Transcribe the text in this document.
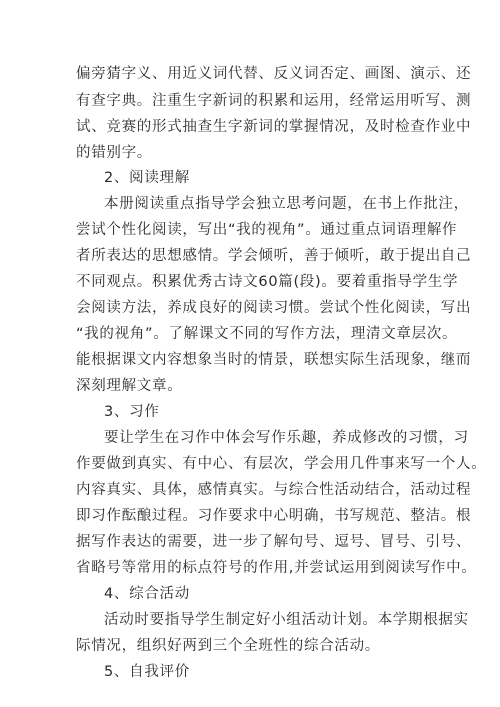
偏旁猜字义、用近义词代替、反义词否定、画图、演示、还
有查字典。注重生字新词的积累和运用，经常运用听写、测
试、竞赛的形式抽查生字新词的掌握情况，及时检查作业中
的错别字。
2、阅读理解
本册阅读重点指导学会独立思考问题，在书上作批注，
尝试个性化阅读，写出“我的视角”。通过重点词语理解作
者所表达的思想感情。学会倾听，善于倾听，敢于提出自己
不同观点。积累优秀古诗文60篇(段)。要着重指导学生学
会阅读方法，养成良好的阅读习惯。尝试个性化阅读，写出
“我的视角”。了解课文不同的写作方法，理清文章层次。
能根据课文内容想象当时的情景，联想实际生活现象，继而
深刻理解文章。
3、习作
要让学生在习作中体会写作乐趣，养成修改的习惯，习
作要做到真实、有中心、有层次，学会用几件事来写一个人。
内容真实、具体，感情真实。与综合性活动结合，活动过程
即习作酝酿过程。习作要求中心明确，书写规范、整洁。根
据写作表达的需要，进一步了解句号、逗号、冒号、引号、
省略号等常用的标点符号的作用,并尝试运用到阅读写作中。
4、综合活动
活动时要指导学生制定好小组活动计划。本学期根据实
际情况，组织好两到三个全班性的综合活动。
5、自我评价
